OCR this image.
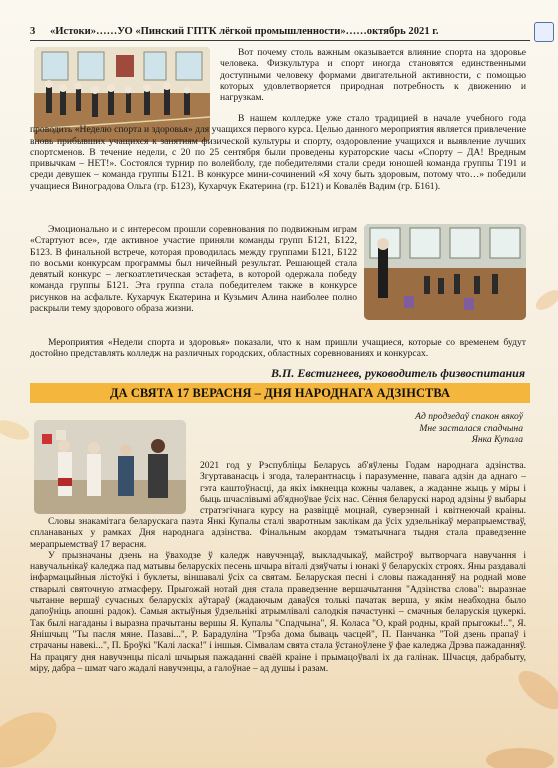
3 «Истоки»……УО «Пинский ГПТК лёгкой промышленности»……октябрь 2021 г.

Вот почему столь важным оказывается влияние спорта на здоровье человека. Физкультура и спорт иногда становятся единственными доступными человеку формами двигательной активности, с помощью которых удовлетворяется природная потребность к движению и нагрузкам.

В нашем колледже уже стало традицией в начале учебного года проводить «Неделю спорта и здоровья» для учащихся первого курса. Целью данного мероприятия является привлечение вновь прибывших учащихся к занятиям физической культуры и спорту, оздоровление учащихся и выявление лучших спортсменов. В течение недели, с 20 по 25 сентября были проведены кураторские часы «Спорту – ДА! Вредным привычкам – НЕТ!». Состоялся турнир по волейболу, где победителями стали среди юношей команда группы Т191 и среди девушек – команда группы Б121. В конкурсе мини-сочинений «Я хочу быть здоровым, потому что…» победили учащиеся Виноградова Ольга (гр. Б123), Кухарчук Екатерина (гр. Б121) и Ковалёв Вадим (гр. Б161).

Эмоционально и с интересом прошли соревнования по подвижным играм «Стартуют все», где активное участие приняли команды групп Б121, Б122, Б123. В финальной встрече, которая проводилась между группами Б121, Б122 по восьми конкурсам программы был ничейный результат. Решающей стала девятый конкурс – легкоатлетическая эстафета, в которой одержала победу команда группы Б121. Эта группа стала победителем также в конкурсе рисунков на асфальте. Кухарчук Екатерина и Кузьмич Алина наиболее полно раскрыли тему здорового образа жизни.

Мероприятия «Недели спорта и здоровья» показали, что к нам пришли учащиеся, которые со временем будут достойно представлять колледж на различных городских, областных соревнованиях и конкурсах.

В.П. Евстигнеев, руководитель физвоспитания
ДА СВЯТА 17 ВЕРАСНЯ – ДНЯ НАРОДНАГА АДЗІНСТВА
Ад продзедаў спакон вякоў
Мне засталася спадчына
Янка Купала

2021 год у Рэспубліцы Беларусь аб'яўлены Годам народнага адзінства. Згуртаванасць і згода, талерантнасць і паразуменне, павага адзін да аднаго – гэта каштоўнасці, да якіх імкнецца кожны чалавек, а жаданне жыць у міры і быць шчаслівымі аб'ядноўвае ўсіх нас. Сёння беларускі народ адзіны ў выбары стратэгічнага курсу на развіццё моцнай, суверэннай і квітнеючай краіны.

Словы знакамітага беларускага паэта Янкі Купалы сталі зваротным заклікам да ўсіх удзельнікаў мерапрыемстваў, спланаваных у рамках Дня народнага адзінства. Фінальным акордам тэматычнага тыдня стала праведзенне мерапрыемстваў 17 верасня.

У прызначаны дзень на ўваходзе ў каледж навучэнцаў, выкладчыкаў, майстроў вытворчага навучання і навучальнікаў каледжа пад матывы беларускіх песень шчыра віталі дзяўчаты і юнакі ў беларускіх строях. Яны раздавалі інфармацыйныя лістоўкі і буклеты, віншавалі ўсіх са святам. Беларуская песні і словы пажаданняў на роднай мове стварылі святочную атмасферу. Прыгожай нотай дня стала праведзенне вершачытання "Адзінства слова": выразнае чытанне вершаў сучасных беларускіх аўтараў (жадаючым даваўся толькі пачатак верша, у якім неабходна было дапоўніць апошні радок). Самыя актыўныя ўдзельнікі атрымлівалі салодкія пачастункі – смачныя беларускія цукеркі. Так былі нагаданы і выразна прачытаны вершы Я. Купалы "Спадчына", Я. Коласа "О, край родны, край прыгожы!..", Я. Янішчыц "Ты пасля мяне. Пазаві...", Р. Барадуліна "Трэба дома бываць часцей", П. Панчанка "Той дзень прапаў і страчаны навекі...", П. Броўкі "Калі ласка!" і іншыя. Сімвалам свята стала ўстаноўлене ў фае каледжа Дрэва пажаданняў. На працягу дня навучэнцы пісалі шчырыя пажаданні сваёй краіне і прымацоўвалі іх да галінак. Шчасця, дабрабыту, міру, дабра – шмат чаго жадалі навучэнцы, а галоўнае – ад душы і разам.
